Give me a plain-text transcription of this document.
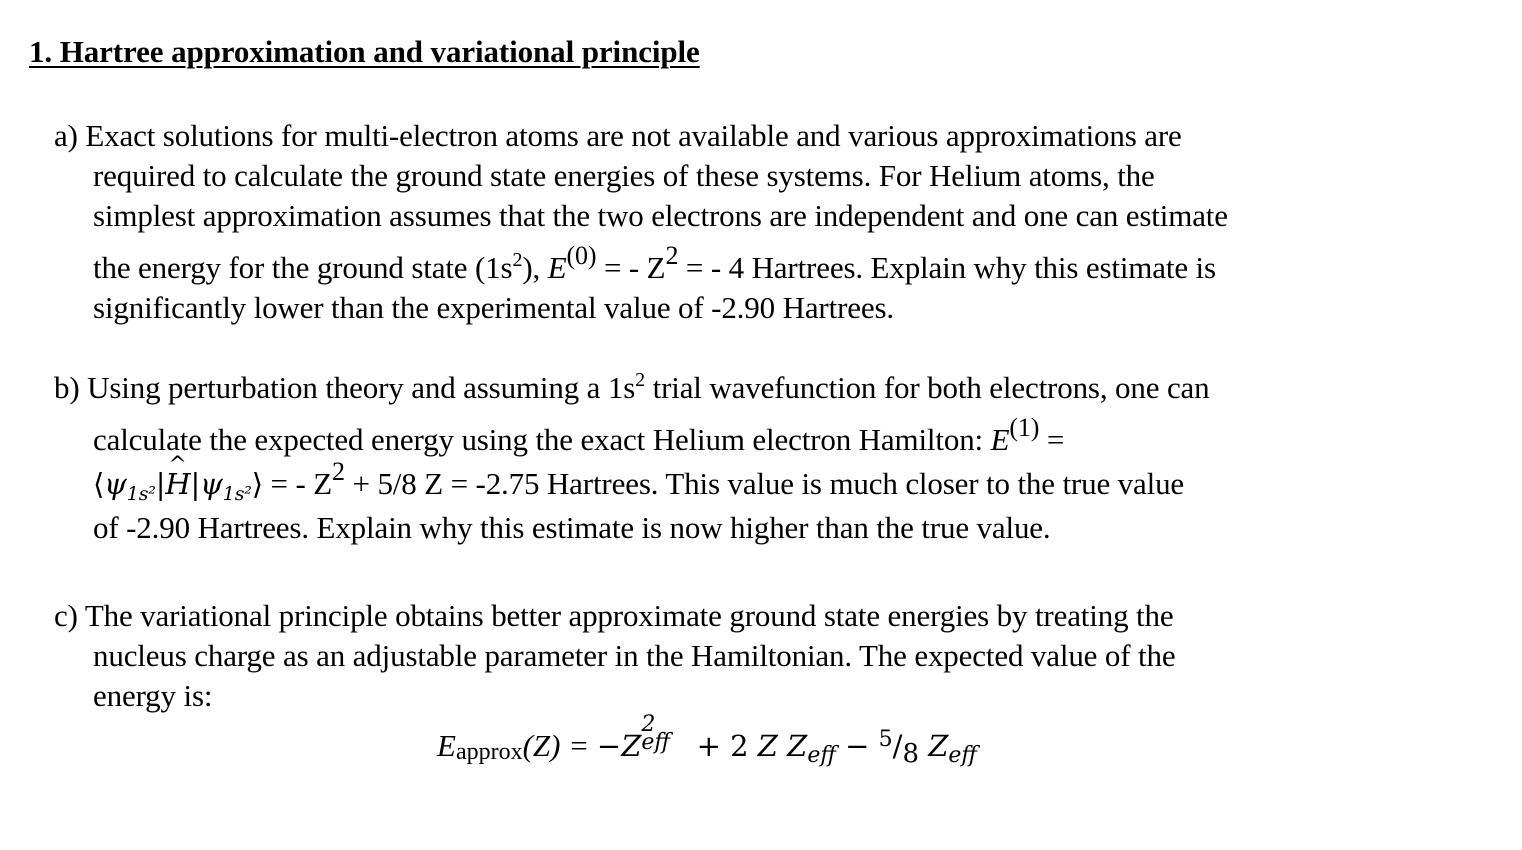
1. Hartree approximation and variational principle
a) Exact solutions for multi-electron atoms are not available and various approximations are
required to calculate the ground state energies of these systems. For Helium atoms, the
simplest approximation assumes that the two electrons are independent and one can estimate
the energy for the ground state $(1s^2)$, $E^{(0)}$ = - $Z^2$ = - 4 Hartrees. Explain why this estimate is
significantly lower than the experimental value of -2.90 Hartrees.
b) Using perturbation theory and assuming a $1s^2$ trial wavefunction for both electrons, one can
calculate the expected energy using the exact Helium electron Hamilton: $E^{(1)}$ =
⟨ψ1s²|^ H|ψ1s²⟩ = - $Z^2 + 5/8$ Z = -2.75 Hartrees. This value is much closer to the true value
of -2.90 Hartrees. Explain why this estimate is now higher than the true value.
c) The variational principle obtains better approximate ground state energies by treating the
nucleus charge as an adjustable parameter in the Hamiltonian. The expected value of the
energy is:
Eapprox(Z) = −Z
2
eff + 2 Z Zeff − $^5$/8 Zeff
